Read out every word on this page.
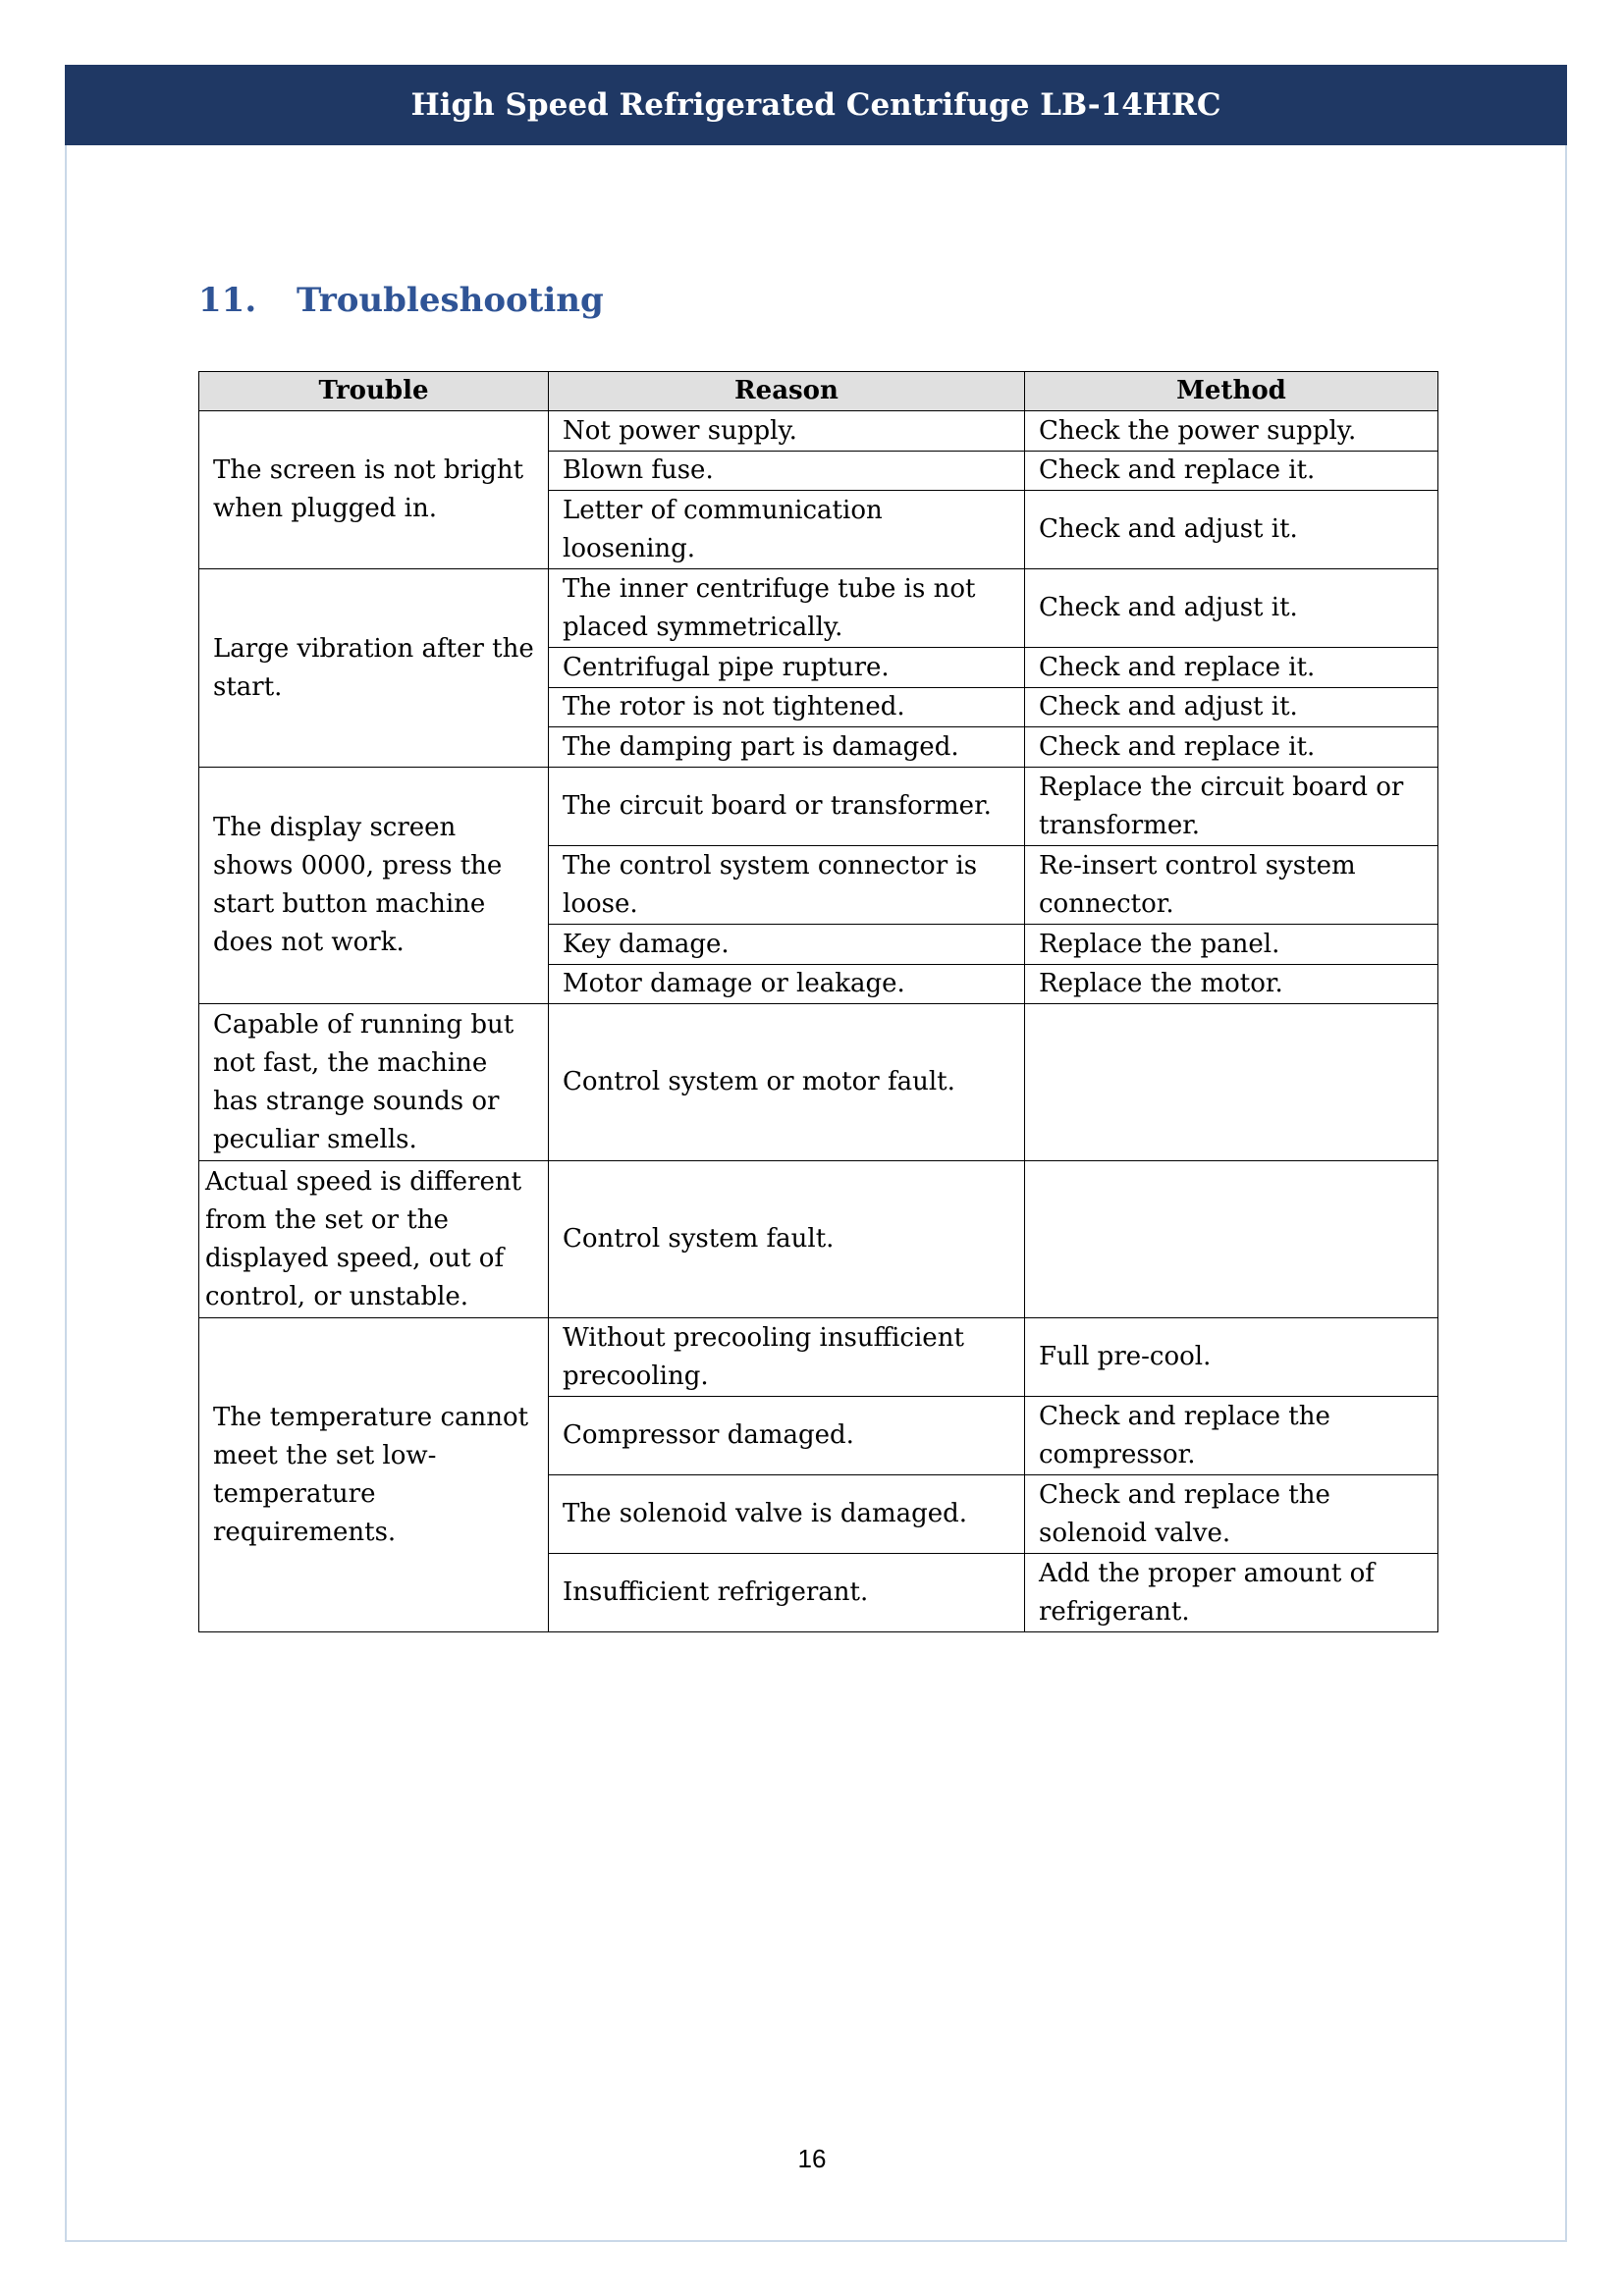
High Speed Refrigerated Centrifuge LB-14HRC
11.	Troubleshooting
Trouble	Reason	Method
The screen is not bright when plugged in.	Not power supply.	Check the power supply.
	Blown fuse.	Check and replace it.
	Letter of communication loosening.	Check and adjust it.
Large vibration after the start.	The inner centrifuge tube is not placed symmetrically.	Check and adjust it.
	Centrifugal pipe rupture.	Check and replace it.
	The rotor is not tightened.	Check and adjust it.
	The damping part is damaged.	Check and replace it.
The display screen shows 0000, press the start button machine does not work.	The circuit board or transformer.	Replace the circuit board or transformer.
	The control system connector is loose.	Re-insert control system connector.
	Key damage.	Replace the panel.
	Motor damage or leakage.	Replace the motor.
Capable of running but not fast, the machine has strange sounds or peculiar smells.	Control system or motor fault.	
Actual speed is different from the set or the displayed speed, out of control, or unstable.	Control system fault.	
The temperature cannot meet the set low-temperature requirements.	Without precooling insufficient precooling.	Full pre-cool.
	Compressor damaged.	Check and replace the compressor.
	The solenoid valve is damaged.	Check and replace the solenoid valve.
	Insufficient refrigerant.	Add the proper amount of refrigerant.
16
